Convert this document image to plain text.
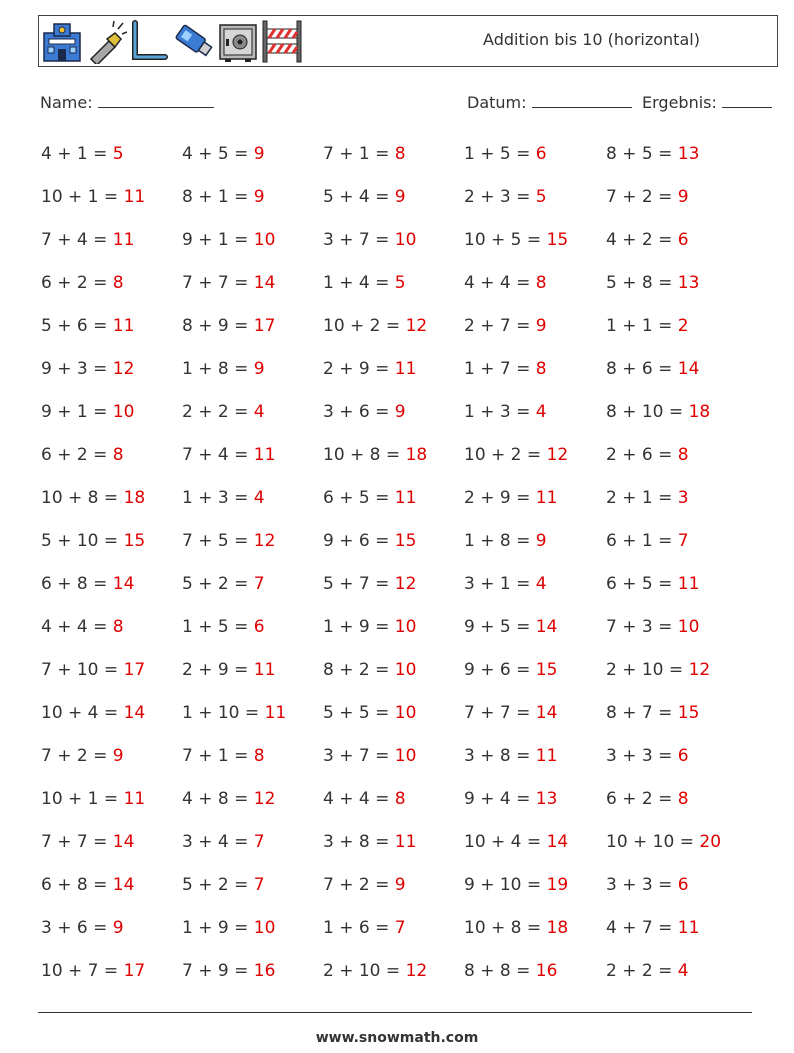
Addition bis 10 (horizontal)
Name:	Datum:	Ergebnis:
4 + 1 = 5	4 + 5 = 9	7 + 1 = 8	1 + 5 = 6	8 + 5 = 13
10 + 1 = 11 8 + 1 = 9	5 + 4 = 9	2 + 3 = 5	7 + 2 = 9
7 + 4 = 11	9 + 1 = 10	3 + 7 = 10	10 + 5 = 15 4 + 2 = 6
6 + 2 = 8	7 + 7 = 14	1 + 4 = 5	4 + 4 = 8	5 + 8 = 13
5 + 6 = 11	8 + 9 = 17	10 + 2 = 12 2 + 7 = 9	1 + 1 = 2
9 + 3 = 12	1 + 8 = 9	2 + 9 = 11	1 + 7 = 8	8 + 6 = 14
9 + 1 = 10	2 + 2 = 4	3 + 6 = 9	1 + 3 = 4	8 + 10 = 18
6 + 2 = 8	7 + 4 = 11	10 + 8 = 18 10 + 2 = 12 2 + 6 = 8
10 + 8 = 18 1 + 3 = 4	6 + 5 = 11	2 + 9 = 11	2 + 1 = 3
5 + 10 = 15 7 + 5 = 12	9 + 6 = 15	1 + 8 = 9	6 + 1 = 7
6 + 8 = 14	5 + 2 = 7	5 + 7 = 12	3 + 1 = 4	6 + 5 = 11
4 + 4 = 8	1 + 5 = 6	1 + 9 = 10	9 + 5 = 14	7 + 3 = 10
7 + 10 = 17 2 + 9 = 11	8 + 2 = 10	9 + 6 = 15	2 + 10 = 12
10 + 4 = 14 1 + 10 = 11 5 + 5 = 10	7 + 7 = 14	8 + 7 = 15
7 + 2 = 9	7 + 1 = 8	3 + 7 = 10	3 + 8 = 11	3 + 3 = 6
10 + 1 = 11 4 + 8 = 12	4 + 4 = 8	9 + 4 = 13	6 + 2 = 8
7 + 7 = 14	3 + 4 = 7	3 + 8 = 11	10 + 4 = 14 10 + 10 = 20
6 + 8 = 14	5 + 2 = 7	7 + 2 = 9	9 + 10 = 19 3 + 3 = 6
3 + 6 = 9	1 + 9 = 10	1 + 6 = 7	10 + 8 = 18 4 + 7 = 11
10 + 7 = 17 7 + 9 = 16	2 + 10 = 12 8 + 8 = 16	2 + 2 = 4
www.snowmath.com
